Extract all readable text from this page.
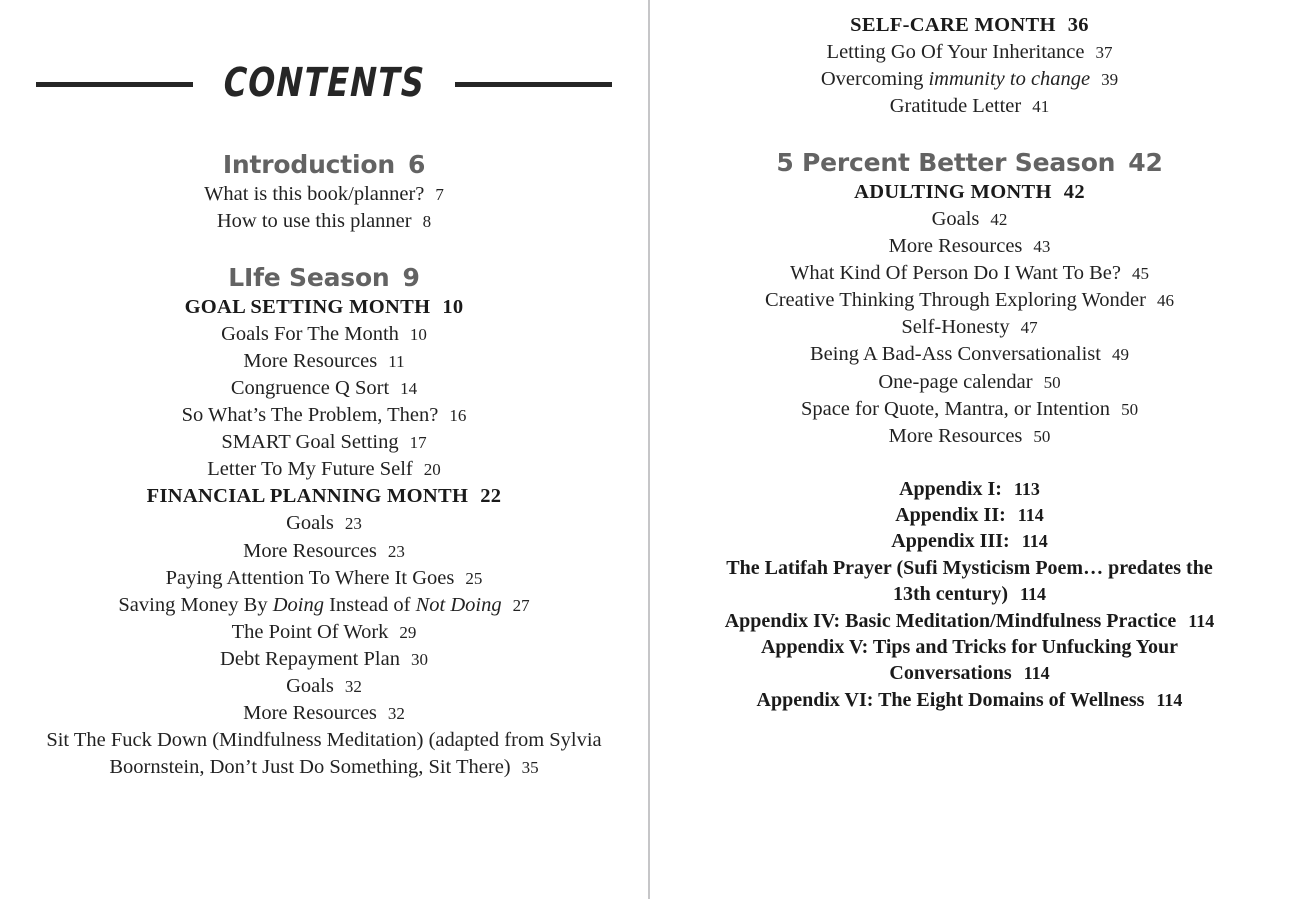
CONTENTS
Introduction 6
What is this book/planner? 7
How to use this planner 8
LIfe Season 9
GOAL SETTING MONTH 10
Goals For The Month 10
More Resources 11
Congruence Q Sort 14
So What’s The Problem, Then? 16
SMART Goal Setting 17
Letter To My Future Self 20
FINANCIAL PLANNING MONTH 22
Goals 23
More Resources 23
Paying Attention To Where It Goes 25
Saving Money By Doing Instead of Not Doing 27
The Point Of Work 29
Debt Repayment Plan 30
Goals 32
More Resources 32
Sit The Fuck Down (Mindfulness Meditation) (adapted from Sylvia Boornstein, Don’t Just Do Something, Sit There) 35
SELF-CARE MONTH 36
Letting Go Of Your Inheritance 37
Overcoming immunity to change 39
Gratitude Letter 41
5 Percent Better Season 42
ADULTING MONTH 42
Goals 42
More Resources 43
What Kind Of Person Do I Want To Be? 45
Creative Thinking Through Exploring Wonder 46
Self-Honesty 47
Being A Bad-Ass Conversationalist 49
One-page calendar 50
Space for Quote, Mantra, or Intention 50
More Resources 50
Appendix I: 113
Appendix II: 114
Appendix III: 114
The Latifah Prayer (Sufi Mysticism Poem… predates the 13th century) 114
Appendix IV: Basic Meditation/Mindfulness Practice 114
Appendix V: Tips and Tricks for Unfucking Your Conversations 114
Appendix VI: The Eight Domains of Wellness 114
